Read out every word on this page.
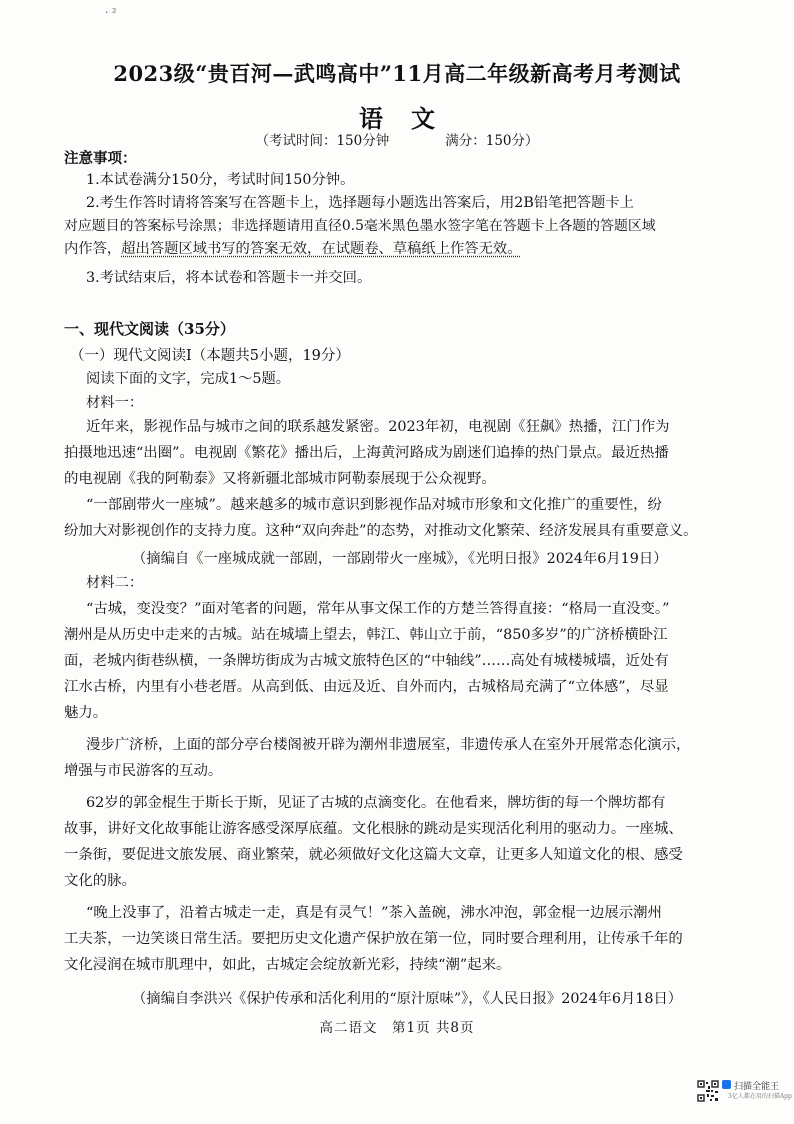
· ²
2023级“贵百河—武鸣高中”11月高二年级新高考月考测试
语文
（考试时间：150分钟	满分：150分）
注意事项：
1.本试卷满分150分，考试时间150分钟。
2.考生作答时请将答案写在答题卡上，选择题每小题选出答案后，用2B铅笔把答题卡上
对应题目的答案标号涂黑；非选择题请用直径0.5毫米黑色墨水签字笔在答题卡上各题的答题区域
内作答，超出答题区域书写的答案无效，在试题卷、草稿纸上作答无效。
3.考试结束后，将本试卷和答题卡一并交回。
一、现代文阅读（35分）
（一）现代文阅读Ⅰ（本题共5小题，19分）
阅读下面的文字，完成1～5题。
材料一：
近年来，影视作品与城市之间的联系越发紧密。2023年初，电视剧《狂飙》热播，江门作为
拍摄地迅速“出圈”。电视剧《繁花》播出后，上海黄河路成为剧迷们追捧的热门景点。最近热播
的电视剧《我的阿勒泰》又将新疆北部城市阿勒泰展现于公众视野。
“一部剧带火一座城”。越来越多的城市意识到影视作品对城市形象和文化推广的重要性，纷
纷加大对影视创作的支持力度。这种“双向奔赴”的态势，对推动文化繁荣、经济发展具有重要意义。
（摘编自《一座城成就一部剧，一部剧带火一座城》，《光明日报》2024年6月19日）
材料二：
“古城，变没变？”面对笔者的问题，常年从事文保工作的方楚兰答得直接：“格局一直没变。”
潮州是从历史中走来的古城。站在城墙上望去，韩江、韩山立于前，“850多岁”的广济桥横卧江
面，老城内街巷纵横，一条牌坊街成为古城文旅特色区的“中轴线”……高处有城楼城墙，近处有
江水古桥，内里有小巷老厝。从高到低、由远及近、自外而内，古城格局充满了“立体感”，尽显
魅力。
漫步广济桥，上面的部分亭台楼阁被开辟为潮州非遗展室，非遗传承人在室外开展常态化演示，
增强与市民游客的互动。
62岁的郭金棍生于斯长于斯，见证了古城的点滴变化。在他看来，牌坊街的每一个牌坊都有
故事，讲好文化故事能让游客感受深厚底蕴。文化根脉的跳动是实现活化利用的驱动力。一座城、
一条街，要促进文旅发展、商业繁荣，就必须做好文化这篇大文章，让更多人知道文化的根、感受
文化的脉。
“晚上没事了，沿着古城走一走，真是有灵气！”茶入盖碗，沸水冲泡，郭金棍一边展示潮州
工夫茶，一边笑谈日常生活。要把历史文化遗产保护放在第一位，同时要合理利用，让传承千年的
文化浸润在城市肌理中，如此，古城定会绽放新光彩，持续“潮”起来。
（摘编自李洪兴《保护传承和活化利用的“原汁原味”》，《人民日报》2024年6月18日）
高二语文　第1页 共8页
扫描全能王
3亿人都在用的扫描App
